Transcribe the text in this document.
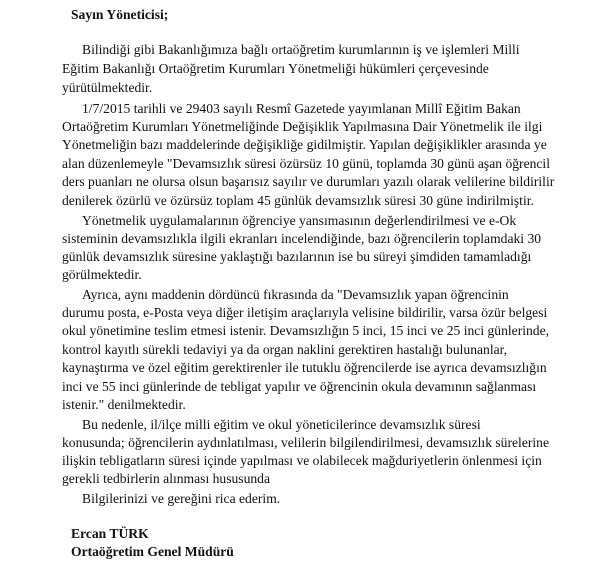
Sayın Yöneticisi;
Bilindiği gibi Bakanlığımıza bağlı ortaöğretim kurumlarının iş ve işlemleri Milli
Eğitim Bakanlığı Ortaöğretim Kurumları Yönetmeliği hükümleri çerçevesinde
yürütülmektedir.
1/7/2015 tarihli ve 29403 sayılı Resmî Gazetede yayımlanan Millî Eğitim Bakan
Ortaöğretim Kurumları Yönetmeliğinde Değişiklik Yapılmasına Dair Yönetmelik ile ilgi
Yönetmeliğin bazı maddelerinde değişikliğe gidilmiştir. Yapılan değişiklikler arasında ye
alan düzenlemeyle "Devamsızlık süresi özürsüz 10 günü, toplamda 30 günü aşan öğrencil
ders puanları ne olursa olsun başarısız sayılır ve durumları yazılı olarak velilerine bildirilir
denilerek özürlü ve özürsüz toplam 45 günlük devamsızlık süresi 30 güne indirilmiştir.
Yönetmelik uygulamalarının öğrenciye yansımasının değerlendirilmesi ve e-Ok
sisteminin devamsızlıkla ilgili ekranları incelendiğinde, bazı öğrencilerin toplamdaki 30
günlük devamsızlık süresine yaklaştığı bazılarının ise bu süreyi şimdiden tamamladığı
görülmektedir.
Ayrıca, aynı maddenin dördüncü fıkrasında da "Devamsızlık yapan öğrencinin
durumu posta, e-Posta veya diğer iletişim araçlarıyla velisine bildirilir, varsa özür belgesi
okul yönetimine teslim etmesi istenir. Devamsızlığın 5 inci, 15 inci ve 25 inci günlerinde,
kontrol kayıtlı sürekli tedaviyi ya da organ naklini gerektiren hastalığı bulunanlar,
kaynaştırma ve özel eğitim gerektirenler ile tutuklu öğrencilerde ise ayrıca devamsızlığın
inci ve 55 inci günlerinde de tebligat yapılır ve öğrencinin okula devamının sağlanması
istenir." denilmektedir.
Bu nedenle, il/ilçe milli eğitim ve okul yöneticilerince devamsızlık süresi
konusunda; öğrencilerin aydınlatılması, velilerin bilgilendirilmesi, devamsızlık sürelerine
ilişkin tebligatların süresi içinde yapılması ve olabilecek mağduriyetlerin önlenmesi için
gerekli tedbirlerin alınması hususunda
Bilgilerinizi ve gereğini rica ederim.
Ercan TÜRK
Ortaöğretim Genel Müdürü
